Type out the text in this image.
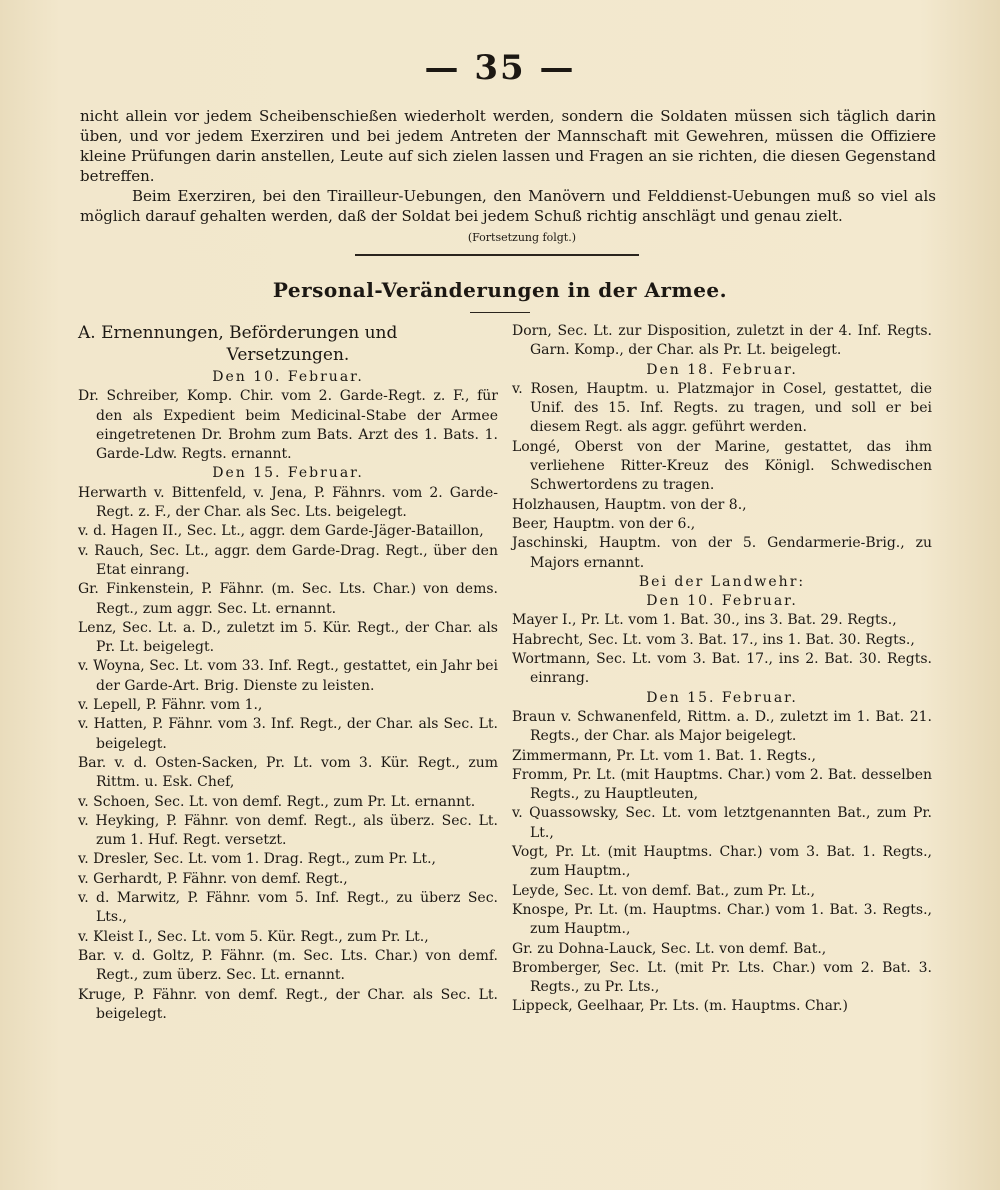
— 35 —

nicht allein vor jedem Scheibenschießen wiederholt werden, sondern die Soldaten müssen sich täglich darin üben, und vor jedem Exerziren und bei jedem Antreten der Mannschaft mit Gewehren, müssen die Offiziere kleine Prüfungen darin anstellen, Leute auf sich zielen lassen und Fragen an sie richten, die diesen Gegenstand betreffen.

Beim Exerziren, bei den Tirailleur-Uebungen, den Manövern und Felddienst-Uebungen muß so viel als möglich darauf gehalten werden, daß der Soldat bei jedem Schuß richtig anschlägt und genau zielt.

(Fortsetzung folgt.)
Personal-Veränderungen in der Armee.
A. Ernennungen, Beförderungen und
Versetzungen.

Den 10. Februar.

Dr. Schreiber, Komp. Chir. vom 2. Garde-Regt. z. F., für den als Expedient beim Medicinal-Stabe der Armee eingetretenen Dr. Brohm zum Bats. Arzt des 1. Bats. 1. Garde-Ldw. Regts. ernannt.

Den 15. Februar.

Herwarth v. Bittenfeld, v. Jena, P. Fähnrs. vom 2. Garde-Regt. z. F., der Char. als Sec. Lts. beigelegt.

v. d. Hagen II., Sec. Lt., aggr. dem Garde-Jäger-Bataillon,

v. Rauch, Sec. Lt., aggr. dem Garde-Drag. Regt., über den Etat einrang.

Gr. Finkenstein, P. Fähnr. (m. Sec. Lts. Char.) von dems. Regt., zum aggr. Sec. Lt. ernannt.

Lenz, Sec. Lt. a. D., zuletzt im 5. Kür. Regt., der Char. als Pr. Lt. beigelegt.

v. Woyna, Sec. Lt. vom 33. Inf. Regt., gestattet, ein Jahr bei der Garde-Art. Brig. Dienste zu leisten.

v. Lepell, P. Fähnr. vom 1.,

v. Hatten, P. Fähnr. vom 3. Inf. Regt., der Char. als Sec. Lt. beigelegt.

Bar. v. d. Osten-Sacken, Pr. Lt. vom 3. Kür. Regt., zum Rittm. u. Esk. Chef,

v. Schoen, Sec. Lt. von demf. Regt., zum Pr. Lt. ernannt.

v. Heyking, P. Fähnr. von demf. Regt., als überz. Sec. Lt. zum 1. Huf. Regt. versetzt.

v. Dresler, Sec. Lt. vom 1. Drag. Regt., zum Pr. Lt.,

v. Gerhardt, P. Fähnr. von demf. Regt.,

v. d. Marwitz, P. Fähnr. vom 5. Inf. Regt., zu überz Sec. Lts.,

v. Kleist I., Sec. Lt. vom 5. Kür. Regt., zum Pr. Lt.,

Bar. v. d. Goltz, P. Fähnr. (m. Sec. Lts. Char.) von demf. Regt., zum überz. Sec. Lt. ernannt.

Kruge, P. Fähnr. von demf. Regt., der Char. als Sec. Lt. beigelegt.

Dorn, Sec. Lt. zur Disposition, zuletzt in der 4. Inf. Regts. Garn. Komp., der Char. als Pr. Lt. beigelegt.

Den 18. Februar.

v. Rosen, Hauptm. u. Platzmajor in Cosel, gestattet, die Unif. des 15. Inf. Regts. zu tragen, und soll er bei diesem Regt. als aggr. geführt werden.

Longé, Oberst von der Marine, gestattet, das ihm verliehene Ritter-Kreuz des Königl. Schwedischen Schwertordens zu tragen.

Holzhausen, Hauptm. von der 8.,

Beer, Hauptm. von der 6.,

Jaschinski, Hauptm. von der 5. Gendarmerie-Brig., zu Majors ernannt.

Bei der Landwehr:

Den 10. Februar.

Mayer I., Pr. Lt. vom 1. Bat. 30., ins 3. Bat. 29. Regts.,

Habrecht, Sec. Lt. vom 3. Bat. 17., ins 1. Bat. 30. Regts.,

Wortmann, Sec. Lt. vom 3. Bat. 17., ins 2. Bat. 30. Regts. einrang.

Den 15. Februar.

Braun v. Schwanenfeld, Rittm. a. D., zuletzt im 1. Bat. 21. Regts., der Char. als Major beigelegt.

Zimmermann, Pr. Lt. vom 1. Bat. 1. Regts.,

Fromm, Pr. Lt. (mit Hauptms. Char.) vom 2. Bat. desselben Regts., zu Hauptleuten,

v. Quassowsky, Sec. Lt. vom letztgenannten Bat., zum Pr. Lt.,

Vogt, Pr. Lt. (mit Hauptms. Char.) vom 3. Bat. 1. Regts., zum Hauptm.,

Leyde, Sec. Lt. von demf. Bat., zum Pr. Lt.,

Knospe, Pr. Lt. (m. Hauptms. Char.) vom 1. Bat. 3. Regts., zum Hauptm.,

Gr. zu Dohna-Lauck, Sec. Lt. von demf. Bat.,

Bromberger, Sec. Lt. (mit Pr. Lts. Char.) vom 2. Bat. 3. Regts., zu Pr. Lts.,

Lippeck, Geelhaar, Pr. Lts. (m. Hauptms. Char.)
